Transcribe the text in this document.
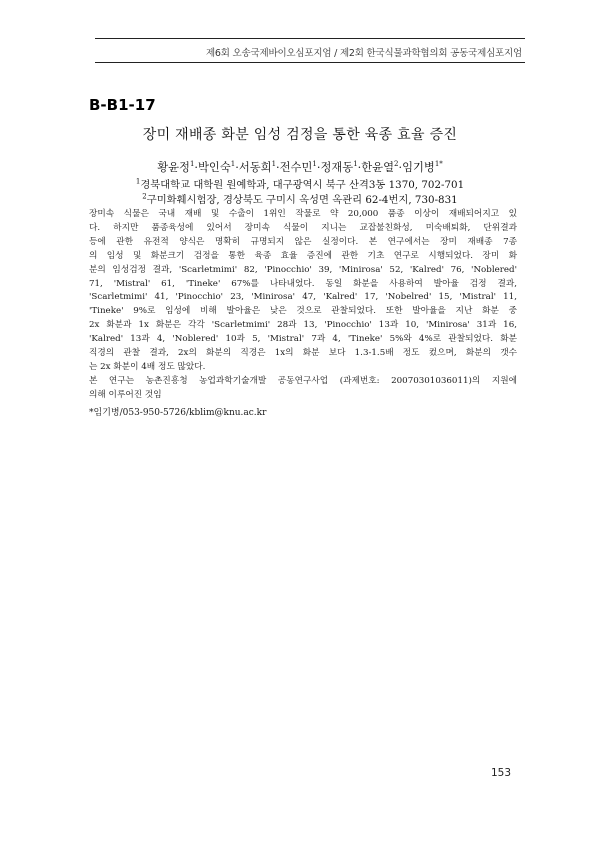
제6회 오송국제바이오심포지엄 / 제2회 한국식물과학협의회 공동국제심포지엄
B-B1-17
장미 재배종 화분 임성 검정을 통한 육종 효율 증진
황윤정$^1$·박인숙$^1$·서동희$^1$·전수민$^1$·정재동$^1$·한윤열$^2$·임기병$^{1*}$
$^1$경북대학교 대학원 원예학과, 대구광역시 북구 산격3동 1370, 702-701
$^2$구미화훼시험장, 경상북도 구미시 옥성면 옥관리 62-4번지, 730-831

장미속 식물은 국내 재배 및 수출이 1위인 작물로 약 20,000 품종 이상이 재배되어지고 있

다. 하지만 품종육성에 있어서 장미속 식물이 지니는 교잡불친화성, 미숙배퇴화, 단위결과

등에 관한 유전적 양식은 명확히 규명되지 않은 실정이다. 본 연구에서는 장미 재배종 7종

의 임성 및 화분크기 검정을 통한 육종 효율 증진에 관한 기초 연구로 시행되었다. 장미 화

분의 임성검정 결과, 'Scarletmimi' 82, 'Pinocchio' 39, 'Minirosa' 52, 'Kalred' 76, 'Noblered'

71, 'Mistral' 61, 'Tineke' 67%를 나타내었다. 동일 화분을 사용하여 발아율 검정 결과,

'Scarletmimi' 41, 'Pinocchio' 23, 'Minirosa' 47, 'Kalred' 17, 'Nobelred' 15, 'Mistral' 11,

'Tineke' 9%로 임성에 비해 발아율은 낮은 것으로 관찰되었다. 또한 발아율을 지난 화분 중

2x 화분과 1x 화분은 각각 'Scarletmimi' 28과 13, 'Pinocchio' 13과 10, 'Minirosa' 31과 16,

'Kalred' 13과 4, 'Noblered' 10과 5, 'Mistral' 7과 4, 'Tineke' 5%와 4%로 관찰되었다. 화분

직경의 관찰 결과, 2x의 화분의 직경은 1x의 화분 보다 1.3-1.5배 정도 컸으며, 화분의 갯수

는 2x 화분이 4배 정도 많았다.

본 연구는 농촌진흥청 농업과학기술개발 공동연구사업 (과제번호: 20070301036011)의 지원에

의해 이루어진 것임

*임기병/053-950-5726/kblim@knu.ac.kr
153
